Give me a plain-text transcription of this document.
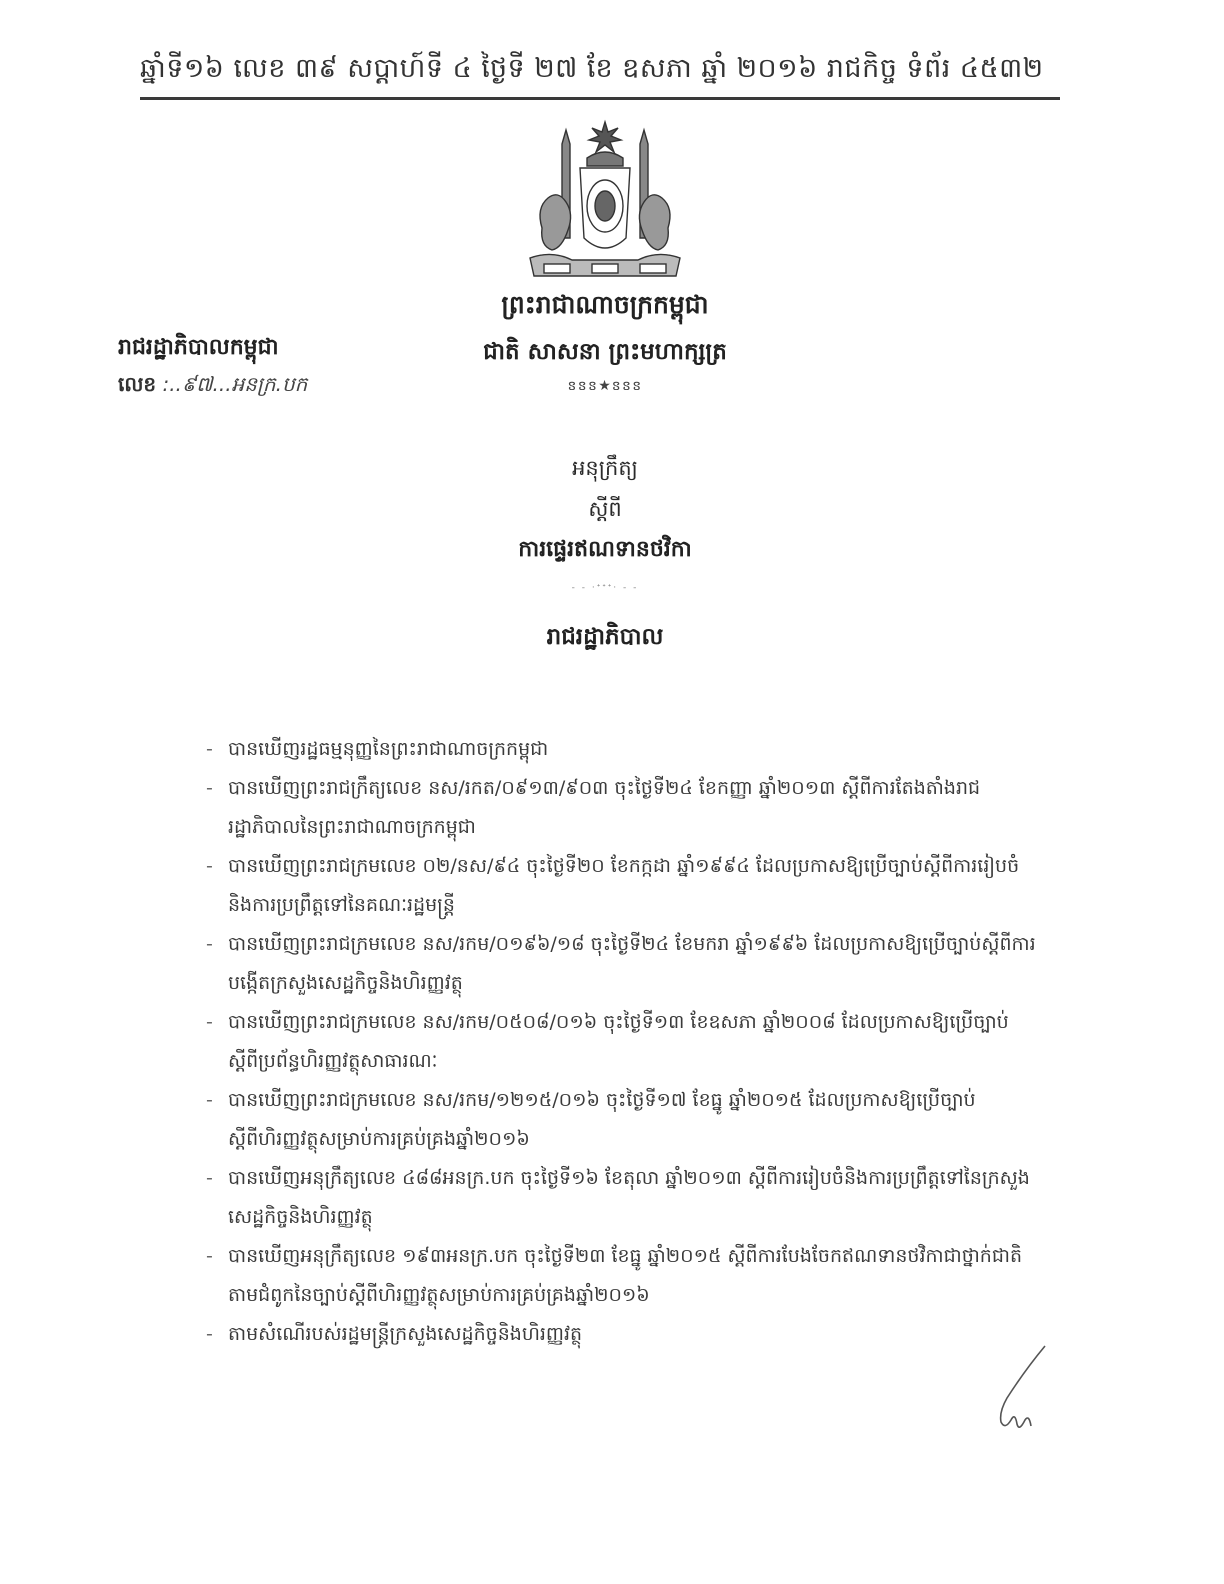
ឆ្នាំទី១៦ លេខ ៣៩ សប្ដាហ៍ទី ៤ ថ្ងៃទី ២៧ ខែ ឧសភា ឆ្នាំ ២០១៦ រាជកិច្ច ទំព័រ ៤៥៣២
ព្រះរាជាណាចក្រកម្ពុជា
ជាតិ សាសនា ព្រះមហាក្សត្រ
ៜៜៜ★ៜៜៜ
រាជរដ្ឋាភិបាលកម្ពុជា
លេខ :..៩៧...អនក្រ.បក
អនុក្រឹត្យ
ស្ដីពី
ការផ្ទេរឥណទានថវិកា
- - ·ᐩᐩᐩ· - -
រាជរដ្ឋាភិបាល
- បានឃើញរដ្ឋធម្មនុញ្ញនៃព្រះរាជាណាចក្រកម្ពុជា
- បានឃើញព្រះរាជក្រឹត្យលេខ នស/រកត/០៩១៣/៩០៣ ចុះថ្ងៃទី២៤ ខែកញ្ញា ឆ្នាំ២០១៣ ស្ដីពីការតែងតាំងរាជរដ្ឋាភិបាលនៃព្រះរាជាណាចក្រកម្ពុជា
- បានឃើញព្រះរាជក្រមលេខ ០២/នស/៩៤ ចុះថ្ងៃទី២០ ខែកក្កដា ឆ្នាំ១៩៩៤ ដែលប្រកាសឱ្យប្រើច្បាប់ស្ដីពីការរៀបចំនិងការប្រព្រឹត្តទៅនៃគណៈរដ្ឋមន្ត្រី
- បានឃើញព្រះរាជក្រមលេខ នស/រកម/០១៩៦/១៨ ចុះថ្ងៃទី២៤ ខែមករា ឆ្នាំ១៩៩៦ ដែលប្រកាសឱ្យប្រើច្បាប់ស្ដីពីការបង្កើតក្រសួងសេដ្ឋកិច្ចនិងហិរញ្ញវត្ថុ
- បានឃើញព្រះរាជក្រមលេខ នស/រកម/០៥០៨/០១៦ ចុះថ្ងៃទី១៣ ខែឧសភា ឆ្នាំ២០០៨ ដែលប្រកាសឱ្យប្រើច្បាប់ស្ដីពីប្រព័ន្ធហិរញ្ញវត្ថុសាធារណៈ
- បានឃើញព្រះរាជក្រមលេខ នស/រកម/១២១៥/០១៦ ចុះថ្ងៃទី១៧ ខែធ្នូ ឆ្នាំ២០១៥ ដែលប្រកាសឱ្យប្រើច្បាប់ស្ដីពីហិរញ្ញវត្ថុសម្រាប់ការគ្រប់គ្រងឆ្នាំ២០១៦
- បានឃើញអនុក្រឹត្យលេខ ៤៨៨អនក្រ.បក ចុះថ្ងៃទី១៦ ខែតុលា ឆ្នាំ២០១៣ ស្ដីពីការរៀបចំនិងការប្រព្រឹត្តទៅនៃក្រសួងសេដ្ឋកិច្ចនិងហិរញ្ញវត្ថុ
- បានឃើញអនុក្រឹត្យលេខ ១៩៣អនក្រ.បក ចុះថ្ងៃទី២៣ ខែធ្នូ ឆ្នាំ២០១៥ ស្ដីពីការបែងចែកឥណទានថវិកាជាថ្នាក់ជាតិតាមជំពូកនៃច្បាប់ស្ដីពីហិរញ្ញវត្ថុសម្រាប់ការគ្រប់គ្រងឆ្នាំ២០១៦
- តាមសំណើរបស់រដ្ឋមន្ត្រីក្រសួងសេដ្ឋកិច្ចនិងហិរញ្ញវត្ថុ
